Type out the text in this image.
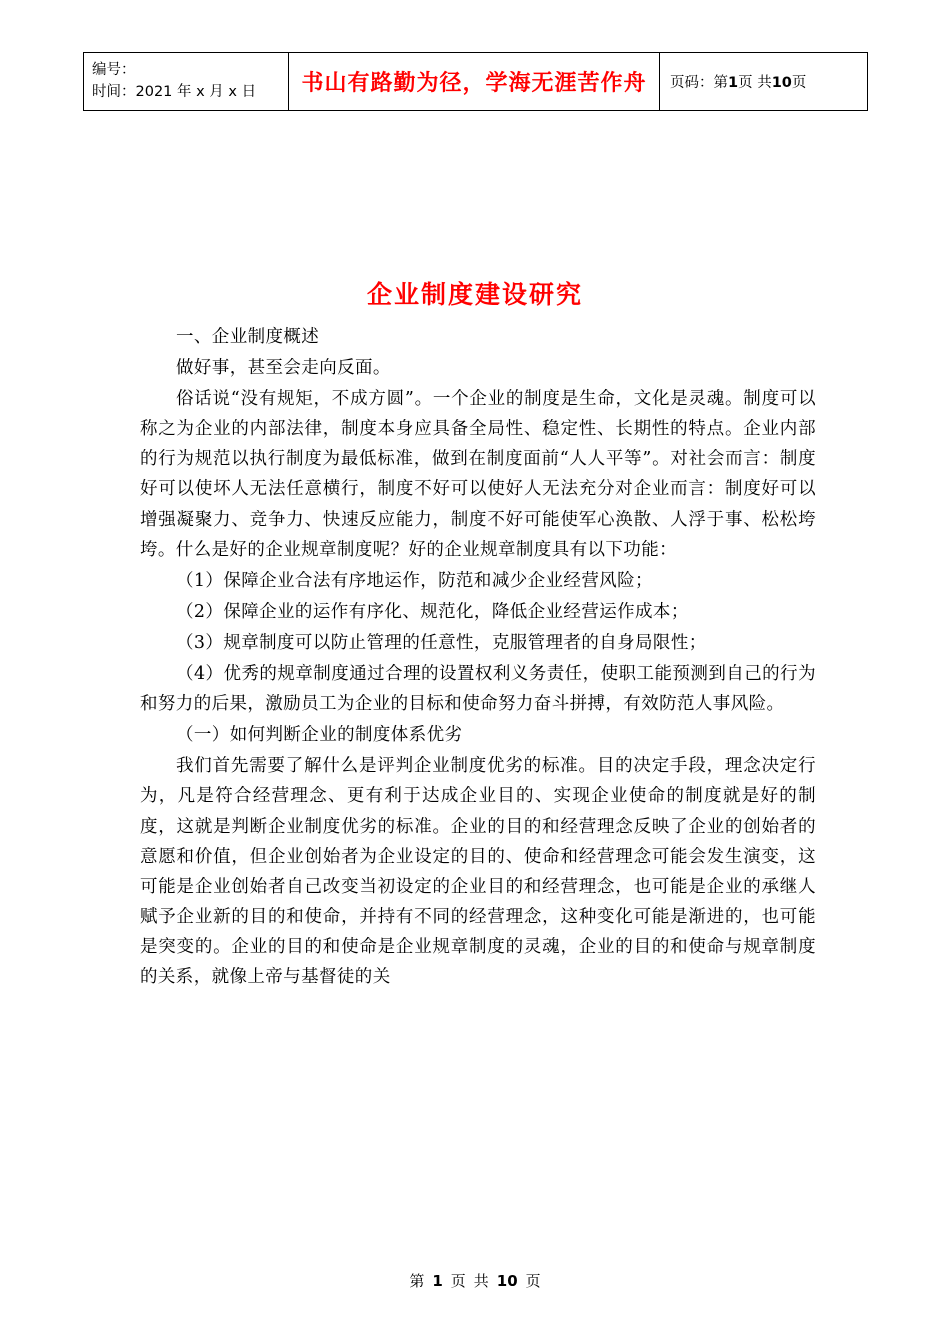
编号：
时间：2021 年 x 月 x 日	书山有路勤为径，学海无涯苦作舟	页码：第1页 共10页
企业制度建设研究

一、企业制度概述

做好事，甚至会走向反面。

俗话说“没有规矩，不成方圆”。一个企业的制度是生命，文化是灵魂。制度可以称之为企业的内部法律，制度本身应具备全局性、稳定性、长期性的特点。企业内部的行为规范以执行制度为最低标准，做到在制度面前“人人平等”。对社会而言：制度好可以使坏人无法任意横行，制度不好可以使好人无法充分对企业而言：制度好可以增强凝聚力、竞争力、快速反应能力，制度不好可能使军心涣散、人浮于事、松松垮垮。什么是好的企业规章制度呢？好的企业规章制度具有以下功能：

（1）保障企业合法有序地运作，防范和减少企业经营风险；

（2）保障企业的运作有序化、规范化，降低企业经营运作成本；

（3）规章制度可以防止管理的任意性，克服管理者的自身局限性；

（4）优秀的规章制度通过合理的设置权利义务责任，使职工能预测到自己的行为和努力的后果，激励员工为企业的目标和使命努力奋斗拼搏，有效防范人事风险。

（一）如何判断企业的制度体系优劣

我们首先需要了解什么是评判企业制度优劣的标准。目的决定手段，理念决定行为，凡是符合经营理念、更有利于达成企业目的、实现企业使命的制度就是好的制度，这就是判断企业制度优劣的标准。企业的目的和经营理念反映了企业的创始者的意愿和价值，但企业创始者为企业设定的目的、使命和经营理念可能会发生演变，这可能是企业创始者自己改变当初设定的企业目的和经营理念，也可能是企业的承继人赋予企业新的目的和使命，并持有不同的经营理念，这种变化可能是渐进的，也可能是突变的。企业的目的和使命是企业规章制度的灵魂，企业的目的和使命与规章制度的关系，就像上帝与基督徒的关

第 1 页 共 10 页
